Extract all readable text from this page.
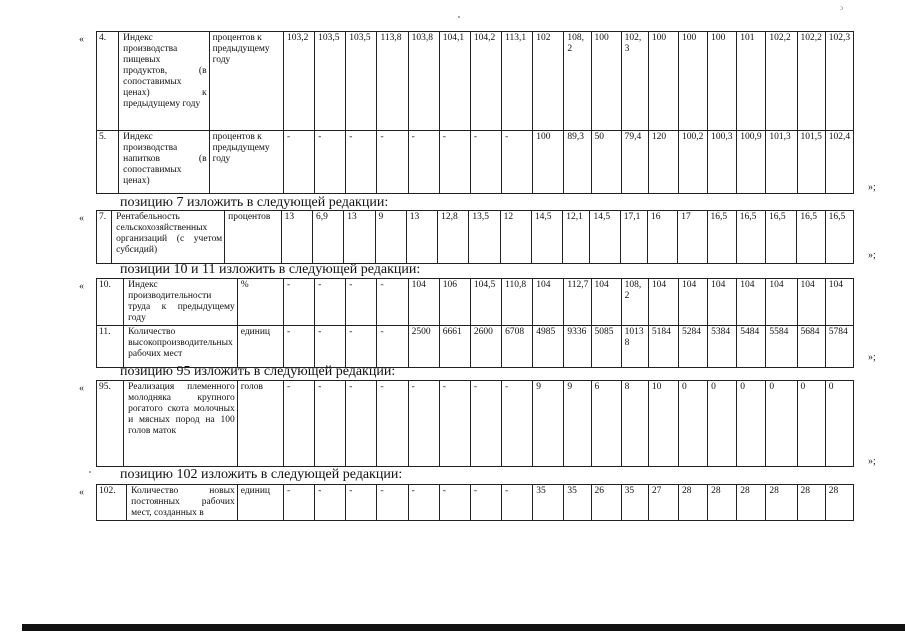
ɔ
« 4.	Индекс производства пищевых продуктов, (в сопоставимых ценах) к предыдущему году	процентов к предыдущему году	103,2	103,5	103,5	113,8	103,8	104,1	104,2	113,1	102	108,2	100	102,3	100	100	100	101	102,2	102,2	102,3
5.	Индекс производства напитков (в сопоставимых ценах)	процентов к предыдущему году	-	-	-	-	-	-	-	-	100	89,3	50	79,4	120	100,2	100,3	100,9	101,3	101,5	102,4
»;
позицию 7 изложить в следующей редакции:
« 7.	Рентабельность сельскохозяйственных организаций (с учетом субсидий)	процентов	13	6,9	13	9	13	12,8	13,5	12	14,5	12,1	14,5	17,1	16	17	16,5	16,5	16,5	16,5	16,5
»;
позиции 10 и 11 изложить в следующей редакции:
« 10.	Индекс производительности труда к предыдущему году	%	-	-	-	-	104	106	104,5	110,8	104	112,7	104	108,2	104	104	104	104	104	104	104
11.	Количество высокопроизводительных рабочих мест	единиц	-	-	-	-	2500	6661	2600	6708	4985	9336	5085	10138	5184	5284	5384	5484	5584	5684	5784
»;
позицию 95 изложить в следующей редакции:
« 95.	Реализация племенного молодняка крупного рогатого скота молочных и мясных пород на 100 голов маток	голов	-	-	-	-	-	-	-	-	9	9	6	8	10	0	0	0	0	0	0
»;
позицию 102 изложить в следующей редакции:
« 102.	Количество новых постоянных рабочих мест, созданных в	единиц	-	-	-	-	-	-	-	-	35	35	26	35	27	28	28	28	28	28	28
